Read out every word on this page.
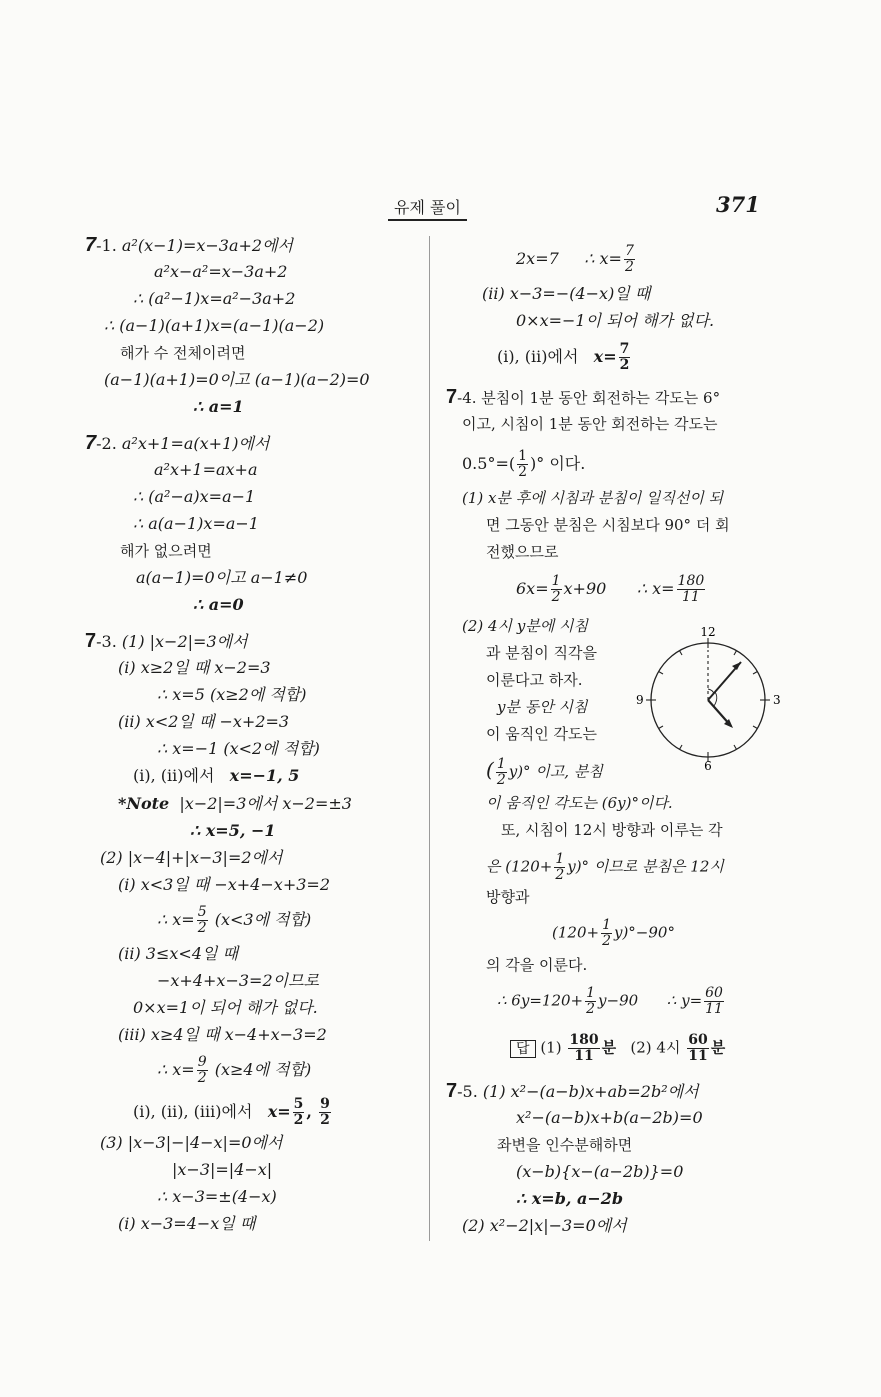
유제 풀이	371
7-1. a²(x−1)=x−3a+2에서
a²x−a²=x−3a+2
∴ (a²−1)x=a²−3a+2
∴ (a−1)(a+1)x=(a−1)(a−2)
해가 수 전체이려면
(a−1)(a+1)=0이고 (a−1)(a−2)=0
∴ a=1
7-2. a²x+1=a(x+1)에서
a²x+1=ax+a
∴ (a²−a)x=a−1
∴ a(a−1)x=a−1
해가 없으려면
a(a−1)=0이고 a−1≠0
∴ a=0
7-3. (1) |x−2|=3에서
(ⅰ) x≥2일 때 x−2=3
∴ x=5 (x≥2에 적합)
(ⅱ) x<2일 때 −x+2=3
∴ x=−1 (x<2에 적합)
(ⅰ), (ⅱ)에서 x=−1, 5
*Note |x−2|=3에서 x−2=±3
∴ x=5, −1
(2) |x−4|+|x−3|=2에서
(ⅰ) x<3일 때 −x+4−x+3=2
∴ $x= \frac{5}{2} (x<3$에 적합)
(ⅱ) 3≤x<4일 때
−x+4+x−3=2이므로
0×x=1이 되어 해가 없다.
(ⅲ) x≥4일 때 x−4+x−3=2
∴ $x= \frac{9}{2} (x\ge 4$에 적합)
(ⅰ), (ⅱ), (ⅲ)에서 $x= \frac{5}{2}$ , $\frac{9}{2}$
(3) |x−3|−|4−x|=0에서
|x−3|=|4−x|
∴ x−3=±(4−x)
(ⅰ) x−3=4−x일 때
2x=7 ∴ $x= \frac{7}{2}$
(ⅱ) x−3=−(4−x)일 때
0×x=−1이 되어 해가 없다.
(ⅰ), (ⅱ)에서 $x= \frac{7}{2}$
7-4. 분침이 1분 동안 회전하는 각도는 6°
이고, 시침이 1분 동안 회전하는 각도는
$0.5^\circ=( \frac{1}{2}$ )° 이다.
(1) x분 후에 시침과 분침이 일직선이 되
면 그동안 분침은 시침보다 90° 더 회
전했으므로
$6x= \frac{1}{2} x+90$ ∴ $x= \frac{180}{11}$
(2) 4시 y분에 시침
과 분침이 직각을
이룬다고 하자.
y분 동안 시침
이 움직인 각도는
( $\frac{1}{2} y)^\circ$ 이고, 분침
이 움직인 각도는 (6y)°이다.
또, 시침이 12시 방향과 이루는 각
은 $(120+ \frac{1}{2} y)^\circ$ 이므로 분침은 12시
방향과
$(120+ \frac{1}{2} y)^\circ-90^\circ$
의 각을 이룬다.
∴ $6y=120+ \frac{1}{2} y-90$ ∴ $y= \frac{60}{11}$
답 $(1) \frac{180}{11}$ 분 (2) 4시 $\frac{60}{11}$ 분
12
3
6
9
7-5. (1) x²−(a−b)x+ab=2b²에서
x²−(a−b)x+b(a−2b)=0
좌변을 인수분해하면
(x−b){x−(a−2b)}=0
∴ x=b, a−2b
(2) x²−2|x|−3=0에서
